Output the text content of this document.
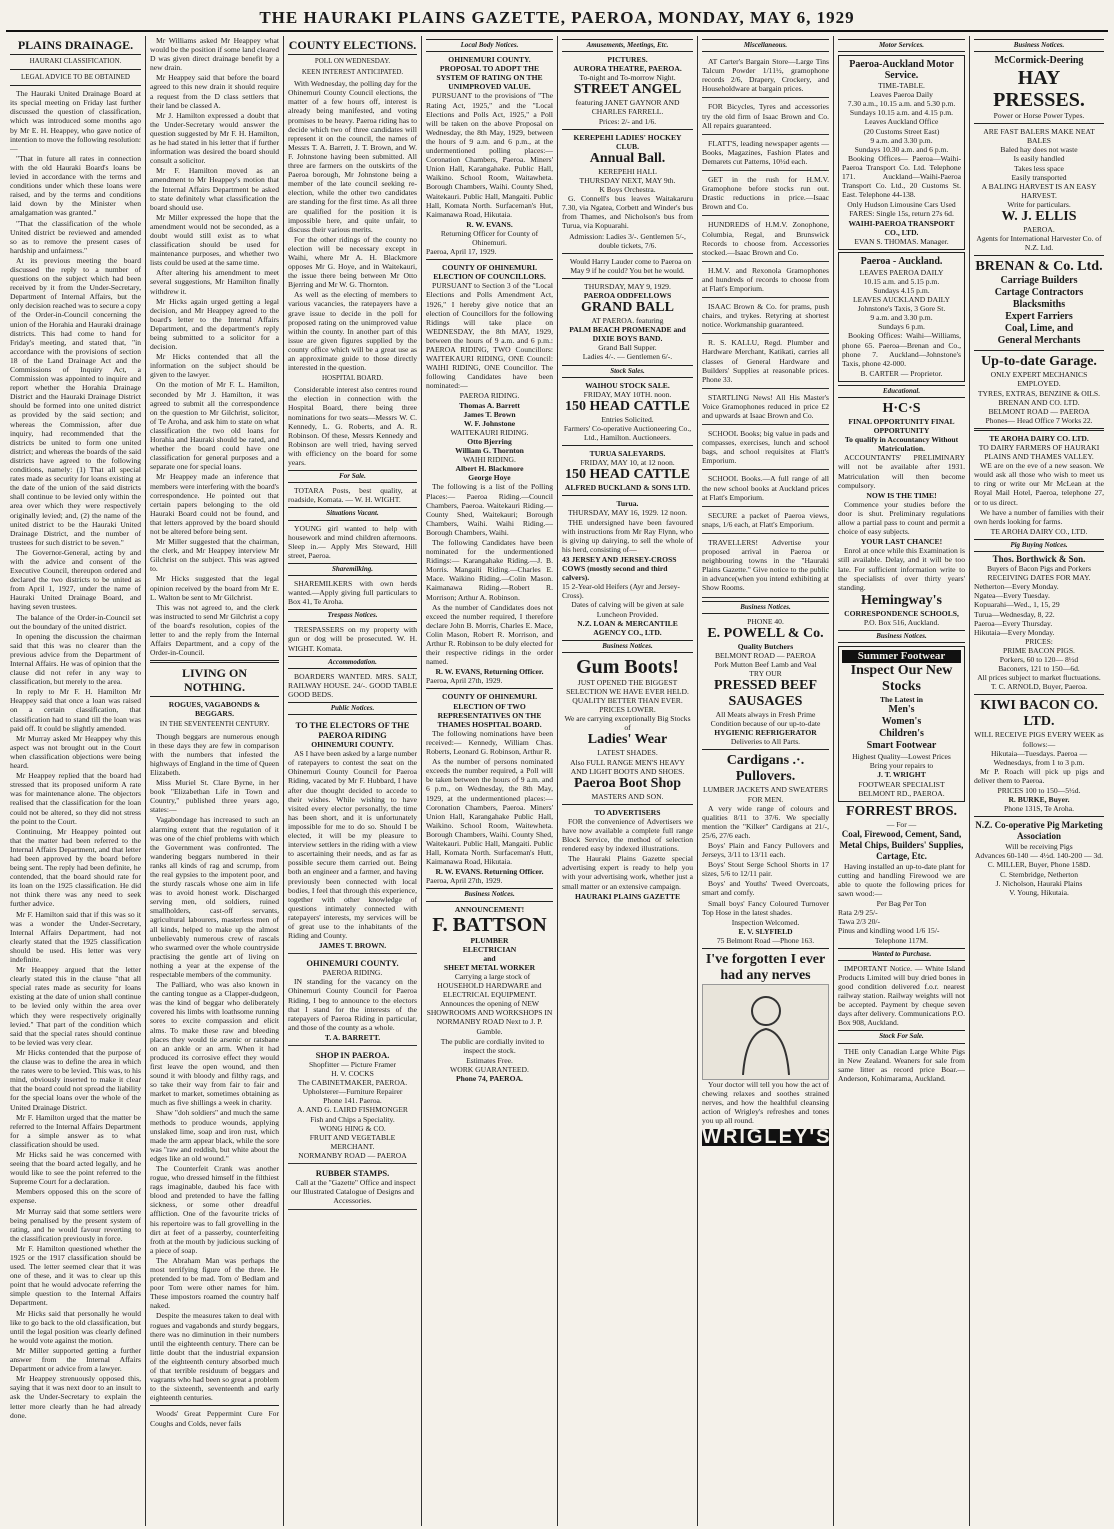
THE HAURAKI PLAINS GAZETTE, PAEROA, MONDAY, MAY 6, 1929
PLAINS DRAINAGE.
HAURAKI CLASSIFICATION.
LEGAL ADVICE TO BE OBTAINED

The Hauraki United Drainage Board at its special meeting on Friday last further discussed the question of classification, which was introduced some months ago by Mr E. H. Heappey, who gave notice of intention to move the following resolution:—

"That in future all rates in connection with the old Hauraki Board's loans be levied in accordance with the terms and conditions under which these loans were raised, and by the terms and conditions laid down by the Minister when amalgamation was granted."

"That the classification of the whole United district be reviewed and amended so as to remove the present cases of hardship and unfairness."

At its previous meeting the board discussed the reply to a number of questions on the subject which had been received by it from the Under-Secretary, Department of Internal Affairs, but the only decision reached was to secure a copy of the Order-in-Council concerning the union of the Horahia and Hauraki drainage districts. This had come to hand for Friday's meeting, and stated that, "in accordance with the provisions of section 18 of the Land Drainage Act and the Commissions of Inquiry Act, a Commission was appointed to inquire and report whether the Horahia Drainage District and the Hauraki Drainage District should be formed into one united district as provided by the said section; and whereas the Commission, after due inquiry, had recommended that the districts be united to form one united district; and whereas the boards of the said districts have agreed to the following conditions, namely: (1) That all special rates made as security for loans existing at the date of the union of the said districts shall continue to be levied only within the area over which they were respectively originally levied; and, (2) the name of the united district to be the Hauraki United Drainage District, and the number of trustees for such district to be seven."

The Governor-General, acting by and with the advice and consent of the Executive Council, thereupon ordered and declared the two districts to be united as from April 1, 1927, under the name of Hauraki United Drainage Board, and having seven trustees.

The balance of the Order-in-Council set out the boundary of the united district.

In opening the discussion the chairman said that this was no clearer than the previous advice from the Department of Internal Affairs. He was of opinion that the clause did not refer in any way to classification, but merely to the area.

In reply to Mr F. H. Hamilton Mr Heappey said that once a loan was raised on a certain classification, that classification had to stand till the loan was paid off. It could be slightly amended.

Mr Murray asked Mr Heappey why this aspect was not brought out in the Court when classification objections were being heard.

Mr Heappey replied that the board had stressed that its proposed uniform A rate was for maintenance alone. The objectors realised that the classification for the loan could not be altered, so they did not stress the point to the Court.

Continuing, Mr Heappey pointed out that the matter had been referred to the Internal Affairs Department, and that letter had been approved by the board before being sent. The reply had been definite, he contended, that the board should rate for its loan on the 1925 classification. He did not think there was any need to seek further advice.

Mr F. Hamilton said that if this was so it was a wonder the Under-Secretary, Internal Affairs Department, had not clearly stated that the 1925 classification should be used. His letter was very indefinite.

Mr Heappey argued that the letter clearly stated this in the clause "that all special rates made as security for loans existing at the date of union shall continue to be levied only within the area over which they were respectively originally levied." That part of the condition which said that the special rates should continue to be levied was very clear.

Mr Hicks contended that the purpose of the clause was to define the area in which the rates were to be levied. This was, to his mind, obviously inserted to make it clear that the board could not spread the liability for the special loans over the whole of the United Drainage District.

Mr F. Hamilton urged that the matter be referred to the Internal Affairs Department for a simple answer as to what classification should be used.

Mr Hicks said he was concerned with seeing that the board acted legally, and he would like to see the point referred to the Supreme Court for a declaration.

Members opposed this on the score of expense.

Mr Murray said that some settlers were being penalised by the present system of rating, and he would favour reverting to the classification previously in force.

Mr F. Hamilton questioned whether the 1925 or the 1917 classification should be used. The letter seemed clear that it was one of these, and it was to clear up this point that he would advocate referring the simple question to the Internal Affairs Department.

Mr Hicks said that personally he would like to go back to the old classification, but until the legal position was clearly defined he would vote against the motion.

Mr Miller supported getting a further answer from the Internal Affairs Department or advice from a lawyer.

Mr Heappey strenuously opposed this, saying that it was next door to an insult to ask the Under-Secretary to explain the letter more clearly than he had already done.

Mr Williams asked Mr Heappey what would be the position if some land cleared D was given direct drainage benefit by a new drain.

Mr Heappey said that before the board agreed to this new drain it should require a request from the D class settlers that their land be classed A.

Mr J. Hamilton expressed a doubt that the Under-Secretary would answer the question suggested by Mr F. H. Hamilton, as he had stated in his letter that if further information was desired the board should consult a solicitor.

Mr F. Hamilton moved as an amendment to Mr Heappey's motion that the Internal Affairs Department be asked to state definitely what classification the board should use.

Mr Miller expressed the hope that the amendment would not be seconded, as a doubt would still exist as to what classification should be used for maintenance purposes, and whether two lists could be used at the same time.

After altering his amendment to meet several suggestions, Mr Hamilton finally withdrew it.

Mr Hicks again urged getting a legal decision, and Mr Heappey agreed to the board's letter to the Internal Affairs Department, and the department's reply being submitted to a solicitor for a decision.

Mr Hicks contended that all the information on the subject should be given to the lawyer.

On the motion of Mr F. L. Hamilton, seconded by Mr J. Hamilton, it was agreed to submit all the correspondence on the question to Mr Gilchrist, solicitor, of Te Aroha, and ask him to state on what classification the two old loans for Horahia and Hauraki should be rated, and whether the board could have one classification for general purposes and a separate one for special loans.

Mr Heappey made an inference that members were interfering with the board's correspondence. He pointed out that certain papers belonging to the old Hauraki Board could not be found, and that letters approved by the board should not be altered before being sent.

Mr Miller suggested that the chairman, the clerk, and Mr Heappey interview Mr Gilchrist on the subject. This was agreed to.

Mr Hicks suggested that the legal opinion received by the board from Mr E. L. Walton be sent to Mr Gilchrist.

This was not agreed to, and the clerk was instructed to send Mr Gilchrist a copy of the board's resolution, copies of the letter to and the reply from the Internal Affairs Department, and a copy of the Order-in-Council.

LIVING ON NOTHING.
ROGUES, VAGABONDS & BEGGARS.
IN THE SEVENTEENTH CENTURY.

Though beggars are numerous enough in these days they are few in comparison with the numbers that infested the highways of England in the time of Queen Elizabeth.

Miss Muriel St. Clare Byrne, in her book "Elizabethan Life in Town and Country," published three years ago, states:—

Vagabondage has increased to such an alarming extent that the regulation of it was one of the chief problems with which the Government was confronted. The wandering beggars numbered in their ranks all kinds of rag and scrump, from the real gypsies to the impotent poor, and the sturdy rascals whose one aim in life was to avoid honest work. Discharged serving men, old soldiers, ruined smallholders, cast-off servants, agricultural labourers, masterless men of all kinds, helped to make up the almost unbelievably numerous crew of rascals who swarmed over the whole countryside practising the gentle art of living on nothing a year at the expense of the respectable members of the community.

The Palliard, who was also known in the canting tongue as a Clapper-dudgeon, was the kind of beggar who deliberately covered his limbs with loathsome running sores to excite compassion and elicit alms. To make these raw and bleeding places they would tie arsenic or ratsbane on an ankle or an arm. When it had produced its corrosive effect they would first leave the open wound, and then sound it with bloody and filthy rags, and so take their way from fair to fair and market to market, sometimes obtaining as much as five shillings a week in charity.

Shaw "doh soldiers" and much the same methods to produce wounds, applying unslaked lime, soap and iron rust, which made the arm appear black, while the sore was "raw and reddish, but white about the edges like an old wound."

The Counterfeit Crank was another rogue, who dressed himself in the filthiest rags imaginable, daubed his face with blood and pretended to have the falling sickness, or some other dreadful affliction. One of the favourite tricks of his repertoire was to fall grovelling in the dirt at feet of a passerby, counterfeiting froth at the mouth by judicious sucking of a piece of soap.

The Abraham Man was perhaps the most terrifying figure of the three. He pretended to be mad. Tom o' Bedlam and poor Tom were other names for him. These impostors roamed the country half naked.

Despite the measures taken to deal with rogues and vagabonds and sturdy beggars, there was no diminution in their numbers until the eighteenth century. There can be little doubt that the industrial expansion of the eighteenth century absorbed much of that terrible residuum of beggars and vagrants who had been so great a problem to the sixteenth, seventeenth and early eighteenth centuries.

Woods' Great Peppermint Cure For Coughs and Colds, never fails

COUNTY ELECTIONS.
POLL ON WEDNESDAY.
KEEN INTEREST ANTICIPATED.

With Wednesday, the polling day for the Ohinemuri County Council elections, the matter of a few hours off, interest is already being manifested, and voting promises to be heavy. Paeroa riding has to decide which two of three candidates will represent it on the council, the names of Messrs T. A. Barrett, J. T. Brown, and W. F. Johnstone having been submitted. All three are farmers on the outskirts of the Paeroa borough, Mr Johnstone being a member of the late council seeking re-election, while the other two candidates are standing for the first time. As all three are qualified for the position it is impossible here, and quite unfair, to discuss their various merits.

For the other ridings of the county no election will be necessary except in Waihi, where Mr A. H. Blackmore opposes Mr G. Hoye, and in Waitekauri, the issue there being between Mr Otto Bjerring and Mr W. G. Thornton.

As well as the electing of members to various vacancies, the ratepayers have a grave issue to decide in the poll for proposed rating on the unimproved value within the county. In another part of this issue are given figures supplied by the county office which will be a great use as an approximate guide to those directly interested in the question.

HOSPITAL BOARD.

Considerable interest also centres round the election in connection with the Hospital Board, there being three nominations for two seats—Messrs W. C. Kennedy, L. G. Roberts, and A. R. Robinson. Of these, Messrs Kennedy and Robinson are well tried, having served with efficiency on the board for some years.

For Sale.

TOTARA Posts, best quality, at roadside, Komata. — W. H. WIGHT.

Situations Vacant.

YOUNG girl wanted to help with housework and mind children afternoons. Sleep in.— Apply Mrs Steward, Hill street, Paeroa.

Sharemilking.

SHAREMILKERS with own herds wanted.—Apply giving full particulars to Box 41, Te Aroha.

Trespass Notices.

TRESPASSERS on my property with gun or dog will be prosecuted. W. H. WIGHT. Komata.

Accommodation.

BOARDERS WANTED. MRS. SALT, RAILWAY HOUSE. 24/-. GOOD TABLE GOOD BEDS.

Public Notices.
TO THE ELECTORS OF THE PAEROA RIDING
OHINEMURI COUNTY.

AS I have been asked by a large number of ratepayers to contest the seat on the Ohinemuri County Council for Paeroa Riding, vacated by Mr F. Hubbard, I have after due thought decided to accede to their wishes. While wishing to have visited every elector personally, the time has been short, and it is unfortunately impossible for me to do so. Should I be elected, it will be my pleasure to interview settlers in the riding with a view to ascertaining their needs, and as far as possible secure them carried out. Being both an engineer and a farmer, and having previously been connected with local bodies, I feel that through this experience, together with other knowledge of questions intimately connected with ratepayers' interests, my services will be of great use to the inhabitants of the Riding and County.

JAMES T. BROWN.
OHINEMURI COUNTY.
PAEROA RIDING.

IN standing for the vacancy on the Ohinemuri County Council for Paeroa Riding, I beg to announce to the electors that I stand for the interests of the ratepayers of Paeroa Riding in particular, and those of the county as a whole.

T. A. BARRETT.
SHOP IN PAEROA.
Shopfitter — Picture Framer
H. V. COCKS
The CABINETMAKER, PAEROA.
Upholsterer—Furniture Repairer
Phone 141. Paeroa.
A. AND G. LAIRD FISHMONGER
Fish and Chips a Speciality.
WONG HING & CO.
FRUIT AND VEGETABLE MERCHANT.
NORMANBY ROAD — PAEROA
RUBBER STAMPS.

Call at the "Gazette" Office and inspect our Illustrated Catalogue of Designs and Accessories.

Local Body Notices.
OHINEMURI COUNTY.
PROPOSAL TO ADOPT THE SYSTEM OF RATING ON THE UNIMPROVED VALUE.

PURSUANT to the provisions of "The Rating Act, 1925," and the "Local Elections and Polls Act, 1925," a Poll will be taken on the above Proposal on Wednesday, the 8th May, 1929, between the hours of 9 a.m. and 6 p.m., at the undermentioned polling places:—Coronation Chambers, Paeroa. Miners' Union Hall, Karangahake. Public Hall, Waikino. School Room, Waitawheta. Borough Chambers, Waihi. County Shed, Waitekauri. Public Hall, Mangaiti. Public Hall, Komata North. Surfaceman's Hut, Kaimanawa Road, Hikutaia.

R. W. EVANS.
Returning Officer for County of Ohinemuri.
Paeroa, April 17, 1929.
COUNTY OF OHINEMURI.
ELECTION OF COUNCILLORS.

PURSUANT to Section 3 of the "Local Elections and Polls Amendment Act, 1926," I hereby give notice that an election of Councillors for the following Ridings will take place on WEDNESDAY, the 8th MAY, 1929, between the hours of 9 a.m. and 6 p.m.: PAEROA RIDING, TWO Councillors: WAITEKAURI RIDING, ONE Council: WAIHI RIDING, ONE Councillor. The following Candidates have been nominated:—

PAEROA RIDING.
Thomas A. Barrett
James T. Brown
W. F. Johnstone
WAITEKAURI RIDING.
Otto Bjerring
William G. Thornton
WAIHI RIDING.
Albert H. Blackmore
George Hoye

The following is a list of the Polling Places:— Paeroa Riding.—Council Chambers, Paeroa. Waitekauri Riding.— County Shed, Waitekauri; Borough Chambers, Waihi. Waihi Riding.—Borough Chambers, Waihi.

The following Candidates have been nominated for the undermentioned Ridings:— Karangahake Riding.—J. B. Morris. Mangaiti Riding.—Charles E. Mace. Waikino Riding.—Colin Mason. Kaimanawa Riding.—Robert R. Morrison; Arthur A. Robinson.

As the number of Candidates does not exceed the number required, I therefore declare John B. Morris, Charles E. Mace, Colin Mason, Robert R. Morrison, and Arthur R. Robinson to be duly elected for their respective ridings in the order named.

R. W. EVANS, Returning Officer.
Paeroa, April 27th, 1929.
COUNTY OF OHINEMURI.
ELECTION OF TWO REPRESENTATIVES ON THE THAMES HOSPITAL BOARD.

The following nominations have been received:— Kennedy, William Chas. Roberts, Leonard G. Robinson, Arthur R.

As the number of persons nominated exceeds the number required, a Poll will be taken between the hours of 9 a.m. and 6 p.m., on Wednesday, the 8th May, 1929, at the undermentioned places:— Coronation Chambers, Paeroa. Miners' Union Hall, Karangahake Public Hall, Waikino. School Room, Waitewheta. Borough Chambers, Waihi. County Shed, Waitekauri. Public Hall, Mangaiti. Public Hall, Komata North. Surfaceman's Hutt, Kaimanawa Road, Hikutaia.

R. W. EVANS. Returning Officer.
Paeroa, April 27th, 1929.
Business Notices.
ANNOUNCEMENT!
F. BATTSON
PLUMBER
ELECTRICIAN
and
SHEET METAL WORKER

Carrying a large stock of HOUSEHOLD HARDWARE and ELECTRICAL EQUIPMENT. Announces the opening of NEW SHOWROOMS AND WORKSHOPS IN NORMANBY ROAD Next to J. P. Gamble.

The public are cordially invited to inspect the stock.

Estimates Free.
WORK GUARANTEED.
Phone 74, PAEROA.
Amusements, Meetings, Etc.
PICTURES.
AURORA THEATRE, PAEROA.
To-night and To-morrow Night.
STREET ANGEL
featuring JANET GAYNOR AND CHARLES FARRELL.
Prices: 2/- and 1/6.
KEREPEHI LADIES' HOCKEY CLUB.
Annual Ball.
KEREPEHI HALL
THURSDAY NEXT, MAY 9th.
K Boys Orchestra.

G. Connell's bus leaves Waitakaruru 7.30, via Ngatea, Corbett and Winder's bus from Thames, and Nicholson's bus from Turua, via Kopuarahi.

Admission: Ladies 3/-. Gentlemen 5/-, double tickets, 7/6.

Would Harry Lauder come to Paeroa on May 9 if he could? You bet he would.

THURSDAY, MAY 9, 1929.
PAEROA ODDFELLOWS
GRAND BALL
AT PAEROA. featuring
PALM BEACH PROMENADE and DIXIE BOYS BAND.
Grand Ball Supper.
Ladies 4/-. — Gentlemen 6/-.
Stock Sales.
WAIHOU STOCK SALE.
FRIDAY, MAY 10TH. noon.
150 HEAD CATTLE
Entries Solicited.
Farmers' Co-operative Auctioneering Co., Ltd., Hamilton. Auctioneers.
TURUA SALEYARDS.
FRIDAY, MAY 10, at 12 noon.
150 HEAD CATTLE
ALFRED BUCKLAND & SONS LTD.
Turua.
THURSDAY, MAY 16, 1929. 12 noon.

THE undersigned have been favoured with instructions from Mr Ray Flynn, who is giving up dairying, to sell the whole of his herd, consisting of—

43 JERSEY AND JERSEY-CROSS COWS (mostly second and third calvers).
15 2-Year-old Heifers (Ayr and Jersey-Cross).
Dates of calving will be given at sale Luncheon Provided.
N.Z. LOAN & MERCANTILE AGENCY CO., LTD.
Business Notices.
Gum Boots!
JUST OPENED THE BIGGEST SELECTION WE HAVE EVER HELD.
QUALITY BETTER THAN EVER. PRICES LOWER.
We are carrying exceptionally Big Stocks of
Ladies' Wear
LATEST SHADES.
Also FULL RANGE MEN'S HEAVY AND LIGHT BOOTS AND SHOES.
Paeroa Boot Shop
MASTERS AND SON.
TO ADVERTISERS

FOR the convenience of Advertisers we have now available a complete full range Block Service, the method of selection rendered easy by indexed illustrations.

The Hauraki Plains Gazette special advertising expert is ready to help you with your advertising work, whether just a small matter or an extensive campaign.

HAURAKI PLAINS GAZETTE
Miscellaneous.

AT Carter's Bargain Store—Large Tins Talcum Powder 1/11½, gramophone records 2/6, Drapery, Crockery, and Householdware at bargain prices.

FOR Bicycles, Tyres and accessories try the old firm of Isaac Brown and Co. All repairs guaranteed.

FLATT'S, leading newspaper agents — Books, Magazines, Fashion Plates and Demarets cut Patterns, 10½d each.

GET in the rush for H.M.V. Gramophone before stocks run out. Drastic reductions in price.—Isaac Brown and Co.

HUNDREDS of H.M.V. Zonophone, Columbia, Regal, and Brunswick Records to choose from. Accessories stocked.—Isaac Brown and Co.

H.M.V. and Rexonola Gramophones and hundreds of records to choose from at Flatt's Emporium.

ISAAC Brown & Co. for prams, push chairs, and trykes. Retyring at shortest notice. Workmanship guaranteed.

R. S. KALLU, Regd. Plumber and Hardware Merchant, Katikati, carries all classes of General Hardware and Builders' Supplies at reasonable prices. Phone 33.

STARTLING News! All His Master's Voice Gramophones reduced in price £2 and upwards at Isaac Brown and Co.

SCHOOL Books; big value in pads and compasses, exercises, lunch and school bags, and school requisites at Flatt's Emporium.

SCHOOL Books.—A full range of all the new school books at Auckland prices at Flatt's Emporium.

SECURE a packet of Paeroa views, snaps, 1/6 each, at Flatt's Emporium.

TRAVELLERS! Advertise your proposed arrival in Paeroa or neighbouring towns in the "Hauraki Plains Gazette." Give notice to the public in advance(when you intend exhibiting at Show Rooms.

Business Notices.
PHONE 40.
E. POWELL & Co.
Quality Butchers
BELMONT ROAD — PAEROA
Pork Mutton Beef Lamb and Veal
TRY OUR
PRESSED BEEF
SAUSAGES
All Meats always in Fresh Prime Condition because of our up-to-date
HYGIENIC REFRIGERATOR
Deliveries to All Parts.
Cardigans .·. Pullovers.
LUMBER JACKETS AND SWEATERS FOR MEN.

A very wide range of colours and qualities 8/11 to 37/6. We specially mention the "Kilker" Cardigans at 21/-, 25/6, 27/6 each.

Boys' Plain and Fancy Pullovers and Jerseys, 3/11 to 13/11 each.

Boys' Stout Serge School Shorts in 17 sizes, 5/6 to 12/11 pair.

Boys' and Youths' Tweed Overcoats, smart and comfy.

Small boys' Fancy Coloured Turnover Top Hose in the latest shades.

Inspection Welcomed.
E. V. SLYFIELD
75 Belmont Road —Phone 163.
I've forgotten I ever had any nerves

Your doctor will tell you how the act of chewing relaxes and soothes strained nerves, and how the healthful cleansing action of Wrigley's refreshes and tones you up all round.

WRIGLEY'S
Motor Services.
Paeroa-Auckland Motor Service.
TIME-TABLE.
Leaves Paeroa Daily
7.30 a.m., 10.15 a.m. and 5.30 p.m.
Sundays 10.15 a.m. and 4.15 p.m.
Leaves Auckland Office
(20 Customs Street East)
9 a.m. and 3.30 p.m.
Sundays 10.30 a.m. and 6 p.m.

Booking Offices— Paeroa—Waihi-Paeroa Transport Co. Ltd. Telephone 171. Auckland—Waihi-Paeroa Transport Co. Ltd., 20 Customs St. East. Telephone 44-138.

Only Hudson Limousine Cars Used
FARES: Single 15s, return 27s 6d.
WAIHI-PAEROA TRANSPORT CO., LTD.
EVAN S. THOMAS. Manager.
Paeroa - Auckland.
LEAVES PAEROA DAILY
10.15 a.m. and 5.15 p.m.
Sundays 4.15 p.m.
LEAVES AUCKLAND DAILY
Johnstone's Taxis, 3 Gore St.
9 a.m. and 3.30 p.m.
Sundays 6 p.m.

Booking Offices: Waihi—Williams, phone 65. Paeroa—Brenan and Co., phone 7. Auckland—Johnstone's Taxis, phone 42-000.

B. CARTER — Proprietor.
Educational.
H·C·S
FINAL OPPORTUNITY FINAL OPPORTUNITY
To qualify in Accountancy Without Matriculation.

ACCOUNTANTS' PRELIMINARY will not be available after 1931. Matriculation will then become compulsory.

NOW IS THE TIME!

Commence your studies before the door is shut. Preliminary regulations allow a partial pass to count and permit a choice of easy subjects.

YOUR LAST CHANCE!

Enrol at once while this Examination is still available. Delay, and it will be too late. For sufficient information write to the specialists of over thirty years' standing.

Hemingway's
CORRESPONDENCE SCHOOLS,
P.O. Box 516, Auckland.
Business Notices.
Summer Footwear
Inspect Our New Stocks
The Latest in
Men's
Women's
Children's
Smart Footwear
Highest Quality—Lowest Prices
Bring your repairs to
J. T. WRIGHT
FOOTWEAR SPECIALIST BELMONT RD., PAEROA.
FORREST BROS.
— For —
Coal, Firewood, Cement, Sand, Metal Chips, Builders' Supplies, Cartage, Etc.

Having installed an up-to-date plant for cutting and handling Firewood we are able to quote the following prices for sawn wood:—

Per Bag Per Ton
Rata 2/9 25/-
Tawa 2/3 20/-
Pinus and kindling wood 1/6 15/-
Telephone 117M.
Wanted to Purchase.

IMPORTANT Notice. — White Island Products Limited will buy dried bones in good condition delivered f.o.r. nearest railway station. Railway weights will not be accepted. Payment by cheque seven days after delivery. Communications P.O. Box 908, Auckland.

Stock For Sale.

THE only Canadian Large White Pigs in New Zealand. Weaners for sale from same litter as record price Boar.—Anderson, Kohimarama, Auckland.

Business Notices.
McCormick-Deering
HAY PRESSES.
Power or Horse Power Types.
ARE FAST BALERS MAKE NEAT BALES
Baled hay does not waste
Is easily handled
Takes less space
Easily transported
A BALING HARVEST IS AN EASY HARVEST.
Write for particulars.
W. J. ELLIS
PAEROA.
Agents for International Harvester Co. of N.Z. Ltd.
BRENAN & Co. Ltd.
Carriage Builders
Cartage Contractors
Blacksmiths
Expert Farriers
Coal, Lime, and
General Merchants
Up-to-date Garage.
ONLY EXPERT MECHANICS EMPLOYED.
TYRES, EXTRAS, BENZINE & OILS.
BRENAN AND CO. LTD.
BELMONT ROAD — PAEROA
Phones— Head Office 7 Works 22.
TE AROHA DAIRY CO. LTD.
TO DAIRY FARMERS OF HAURAKI PLAINS AND THAMES VALLEY.

WE are on the eve of a new season. We would ask all those who wish to meet us to ring or write our Mr McLean at the Royal Mail Hotel, Paeroa, telephone 27, or to us direct.

We have a number of families with their own herds looking for farms.

TE AROHA DAIRY CO., LTD.
Pig Buying Notices.
Thos. Borthwick & Son.
Buyers of Bacon Pigs and Porkers
RECEIVING DATES FOR MAY.
Netherton—Every Monday.
Ngatea—Every Tuesday.
Kopuarahi—Wed., 1, 15, 29
Turua—Wednesday, 8, 22.
Paeroa—Every Thursday.
Hikutaia—Every Monday.
PRICES:
PRIME BACON PIGS.
Porkers, 60 to 120— 8½d
Baconers, 121 to 150—6d.
All prices subject to market fluctuations.
T. C. ARNOLD, Buyer, Paeroa.
KIWI BACON CO. LTD.
WILL RECEIVE PIGS EVERY WEEK as follows:—
Hikutaia—Tuesdays. Paeroa — Wednesdays, from 1 to 3 p.m.

Mr P. Roach will pick up pigs and deliver them to Paeroa.

PRICES 100 to 150—5½d.
R. BURKE, Buyer.
Phone 131S, Te Aroha.
N.Z. Co-operative Pig Marketing Association
Will be receiving Pigs
Advances 60-140 — 4½d. 140-200 — 3d.
C. MILLER, Buyer, Phone 158D.
C. Stembridge, Netherton
J. Nicholson, Hauraki Plains
V. Young, Hikutaia.
